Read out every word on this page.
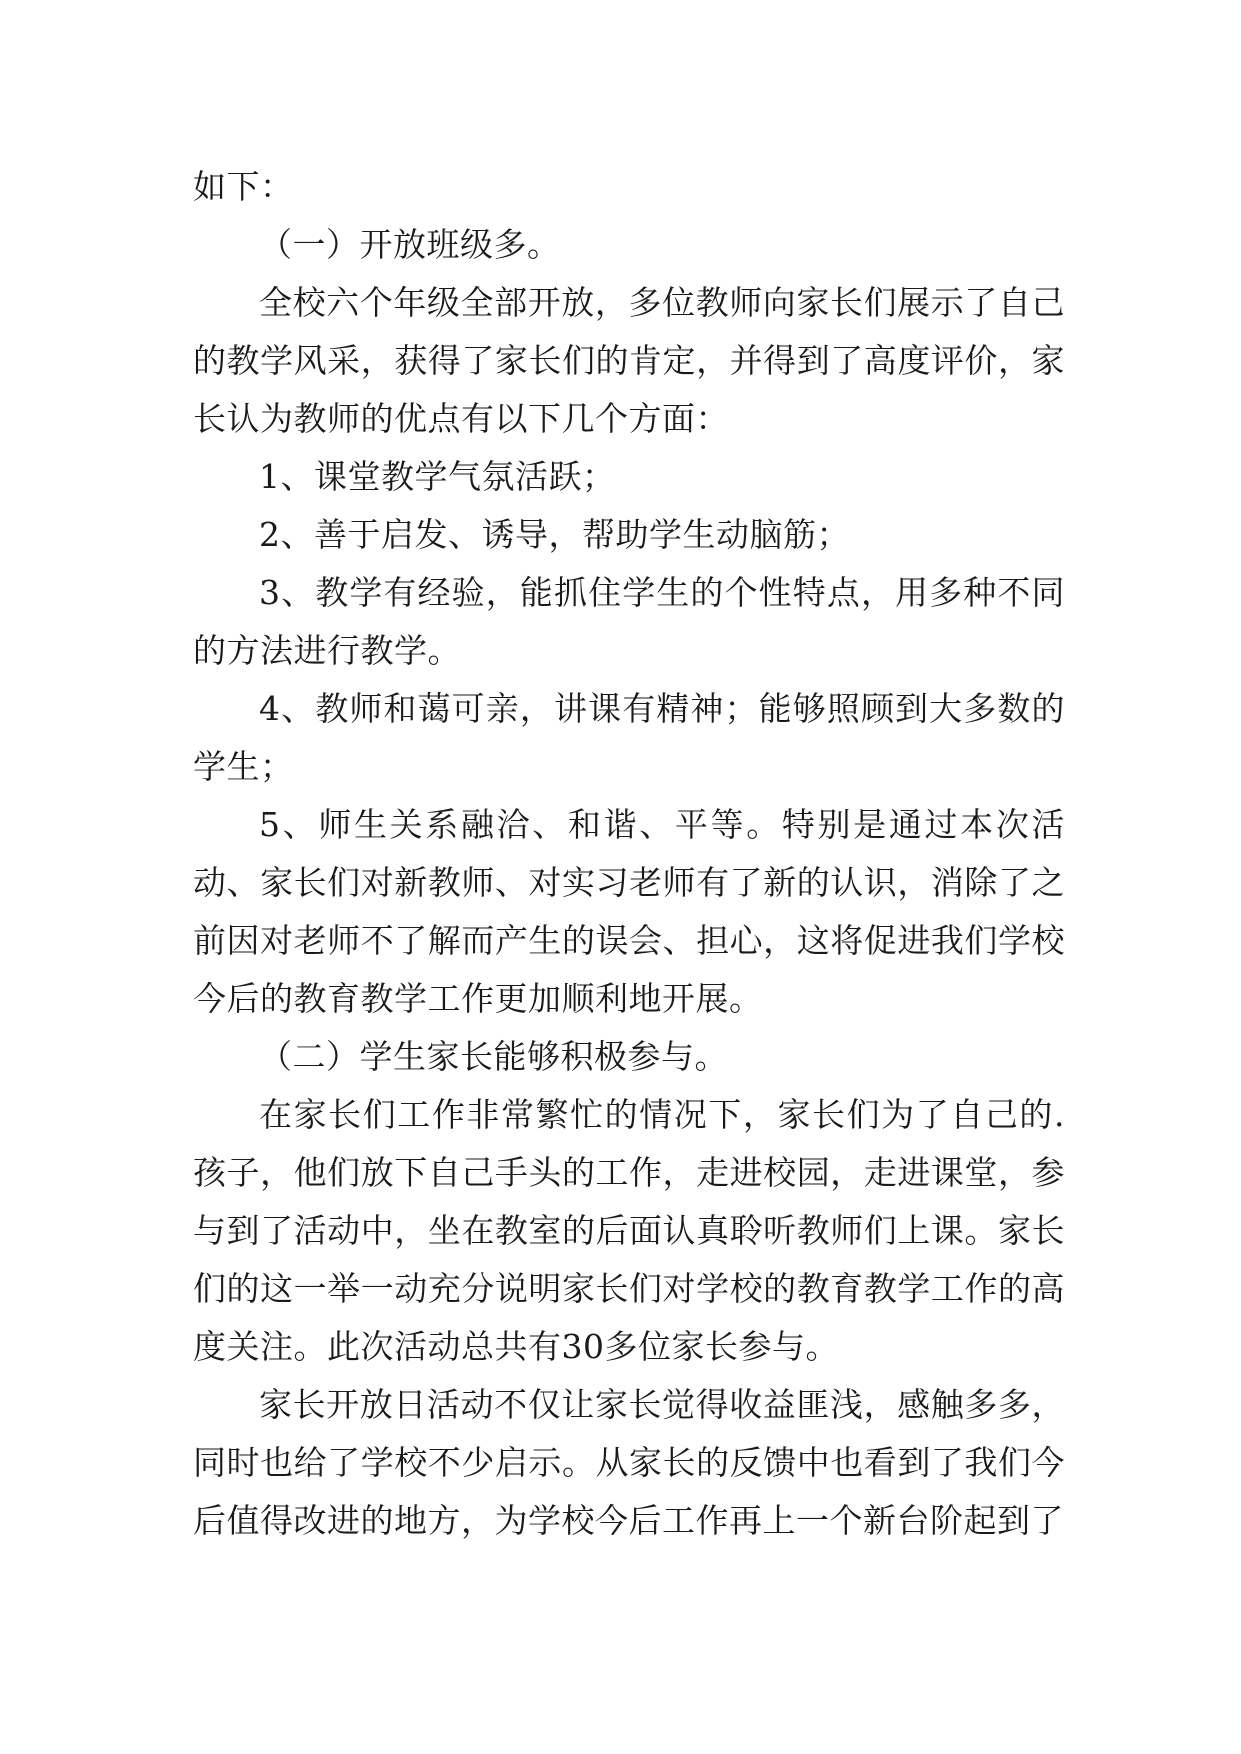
如下：

（一）开放班级多。

全校六个年级全部开放，多位教师向家长们展示了自己的教学风采，获得了家长们的肯定，并得到了高度评价，家长认为教师的优点有以下几个方面：

1、课堂教学气氛活跃；

2、善于启发、诱导，帮助学生动脑筋；

3、教学有经验，能抓住学生的个性特点，用多种不同的方法进行教学。

4、教师和蔼可亲，讲课有精神；能够照顾到大多数的学生；

5、师生关系融洽、和谐、平等。特别是通过本次活动、家长们对新教师、对实习老师有了新的认识，消除了之前因对老师不了解而产生的误会、担心，这将促进我们学校今后的教育教学工作更加顺利地开展。

（二）学生家长能够积极参与。

在家长们工作非常繁忙的情况下，家长们为了自己的.孩子，他们放下自己手头的工作，走进校园，走进课堂，参与到了活动中，坐在教室的后面认真聆听教师们上课。家长们的这一举一动充分说明家长们对学校的教育教学工作的高度关注。此次活动总共有30多位家长参与。

家长开放日活动不仅让家长觉得收益匪浅，感触多多，同时也给了学校不少启示。从家长的反馈中也看到了我们今后值得改进的地方，为学校今后工作再上一个新台阶起到了
